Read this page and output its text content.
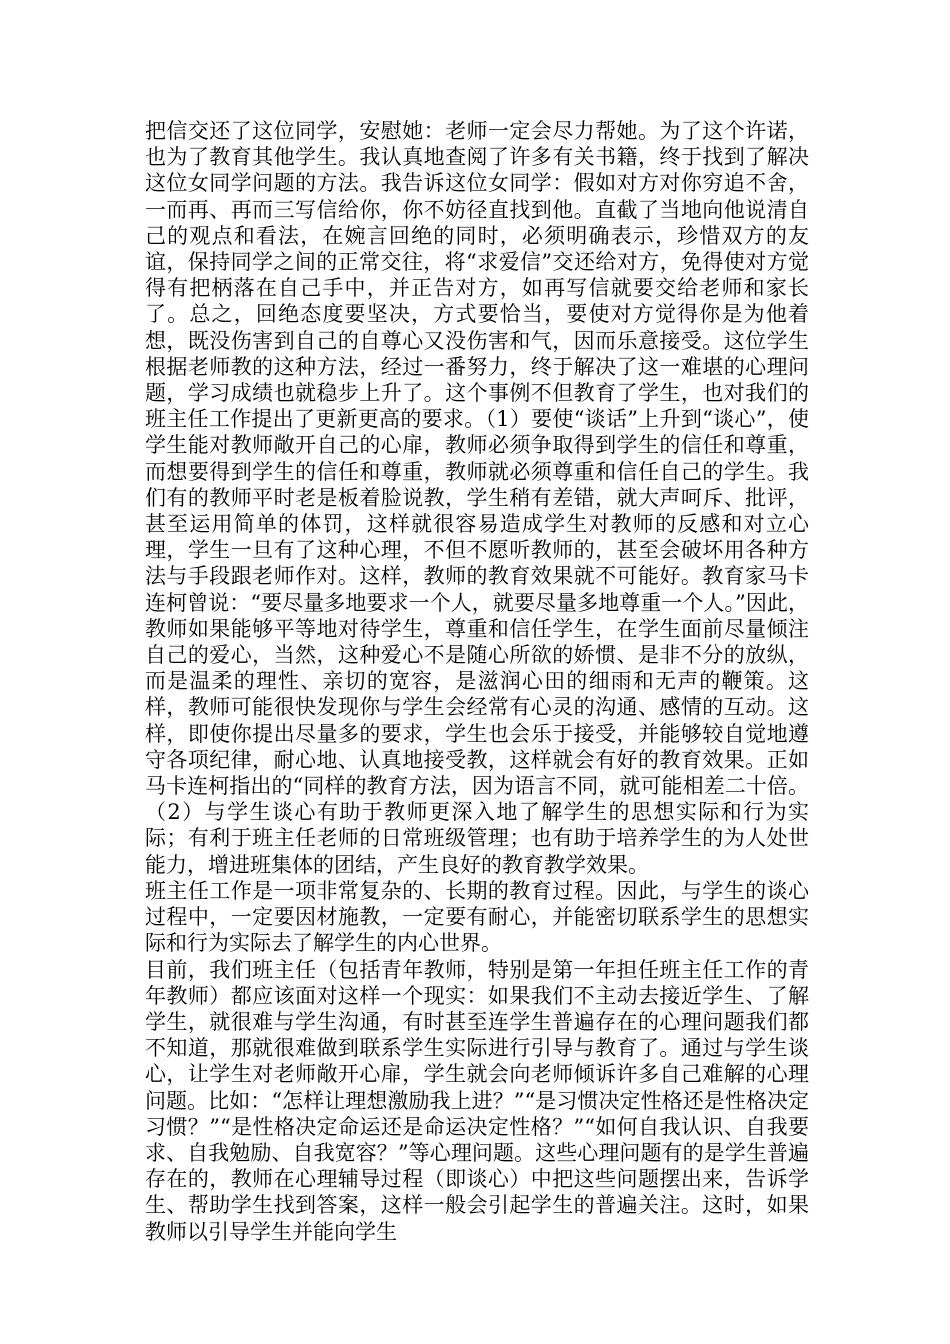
把信交还了这位同学，安慰她：老师一定会尽力帮她。为了这个许诺，也为了教育其他学生。我认真地查阅了许多有关书籍，终于找到了解决这位女同学问题的方法。我告诉这位女同学：假如对方对你穷追不舍，一而再、再而三写信给你，你不妨径直找到他。直截了当地向他说清自己的观点和看法，在婉言回绝的同时，必须明确表示，珍惜双方的友谊，保持同学之间的正常交往，将“求爱信”交还给对方，免得使对方觉得有把柄落在自己手中，并正告对方，如再写信就要交给老师和家长了。总之，回绝态度要坚决，方式要恰当，要使对方觉得你是为他着想，既没伤害到自己的自尊心又没伤害和气，因而乐意接受。这位学生根据老师教的这种方法，经过一番努力，终于解决了这一难堪的心理问题，学习成绩也就稳步上升了。这个事例不但教育了学生，也对我们的班主任工作提出了更新更高的要求。（1）要使“谈话”上升到“谈心”，使学生能对教师敞开自己的心扉，教师必须争取得到学生的信任和尊重，而想要得到学生的信任和尊重，教师就必须尊重和信任自己的学生。我们有的教师平时老是板着脸说教，学生稍有差错，就大声呵斥、批评，甚至运用简单的体罚，这样就很容易造成学生对教师的反感和对立心理，学生一旦有了这种心理，不但不愿听教师的，甚至会破坏用各种方法与手段跟老师作对。这样，教师的教育效果就不可能好。教育家马卡连柯曾说：“要尽量多地要求一个人，就要尽量多地尊重一个人。”因此，教师如果能够平等地对待学生，尊重和信任学生，在学生面前尽量倾注自己的爱心，当然，这种爱心不是随心所欲的娇惯、是非不分的放纵，而是温柔的理性、亲切的宽容，是滋润心田的细雨和无声的鞭策。这样，教师可能很快发现你与学生会经常有心灵的沟通、感情的互动。这样，即使你提出尽量多的要求，学生也会乐于接受，并能够较自觉地遵守各项纪律，耐心地、认真地接受教，这样就会有好的教育效果。正如马卡连柯指出的“同样的教育方法，因为语言不同，就可能相差二十倍。（2）与学生谈心有助于教师更深入地了解学生的思想实际和行为实际；有利于班主任老师的日常班级管理；也有助于培养学生的为人处世能力，增进班集体的团结，产生良好的教育教学效果。

班主任工作是一项非常复杂的、长期的教育过程。因此，与学生的谈心过程中，一定要因材施教，一定要有耐心，并能密切联系学生的思想实际和行为实际去了解学生的内心世界。

目前，我们班主任（包括青年教师，特别是第一年担任班主任工作的青年教师）都应该面对这样一个现实：如果我们不主动去接近学生、了解学生，就很难与学生沟通，有时甚至连学生普遍存在的心理问题我们都不知道，那就很难做到联系学生实际进行引导与教育了。通过与学生谈心，让学生对老师敞开心扉，学生就会向老师倾诉许多自己难解的心理问题。比如：“怎样让理想激励我上进？”“是习惯决定性格还是性格决定习惯？”“是性格决定命运还是命运决定性格？”“如何自我认识、自我要求、自我勉励、自我宽容？”等心理问题。这些心理问题有的是学生普遍存在的，教师在心理辅导过程（即谈心）中把这些问题摆出来，告诉学生、帮助学生找到答案，这样一般会引起学生的普遍关注。这时，如果教师以引导学生并能向学生
